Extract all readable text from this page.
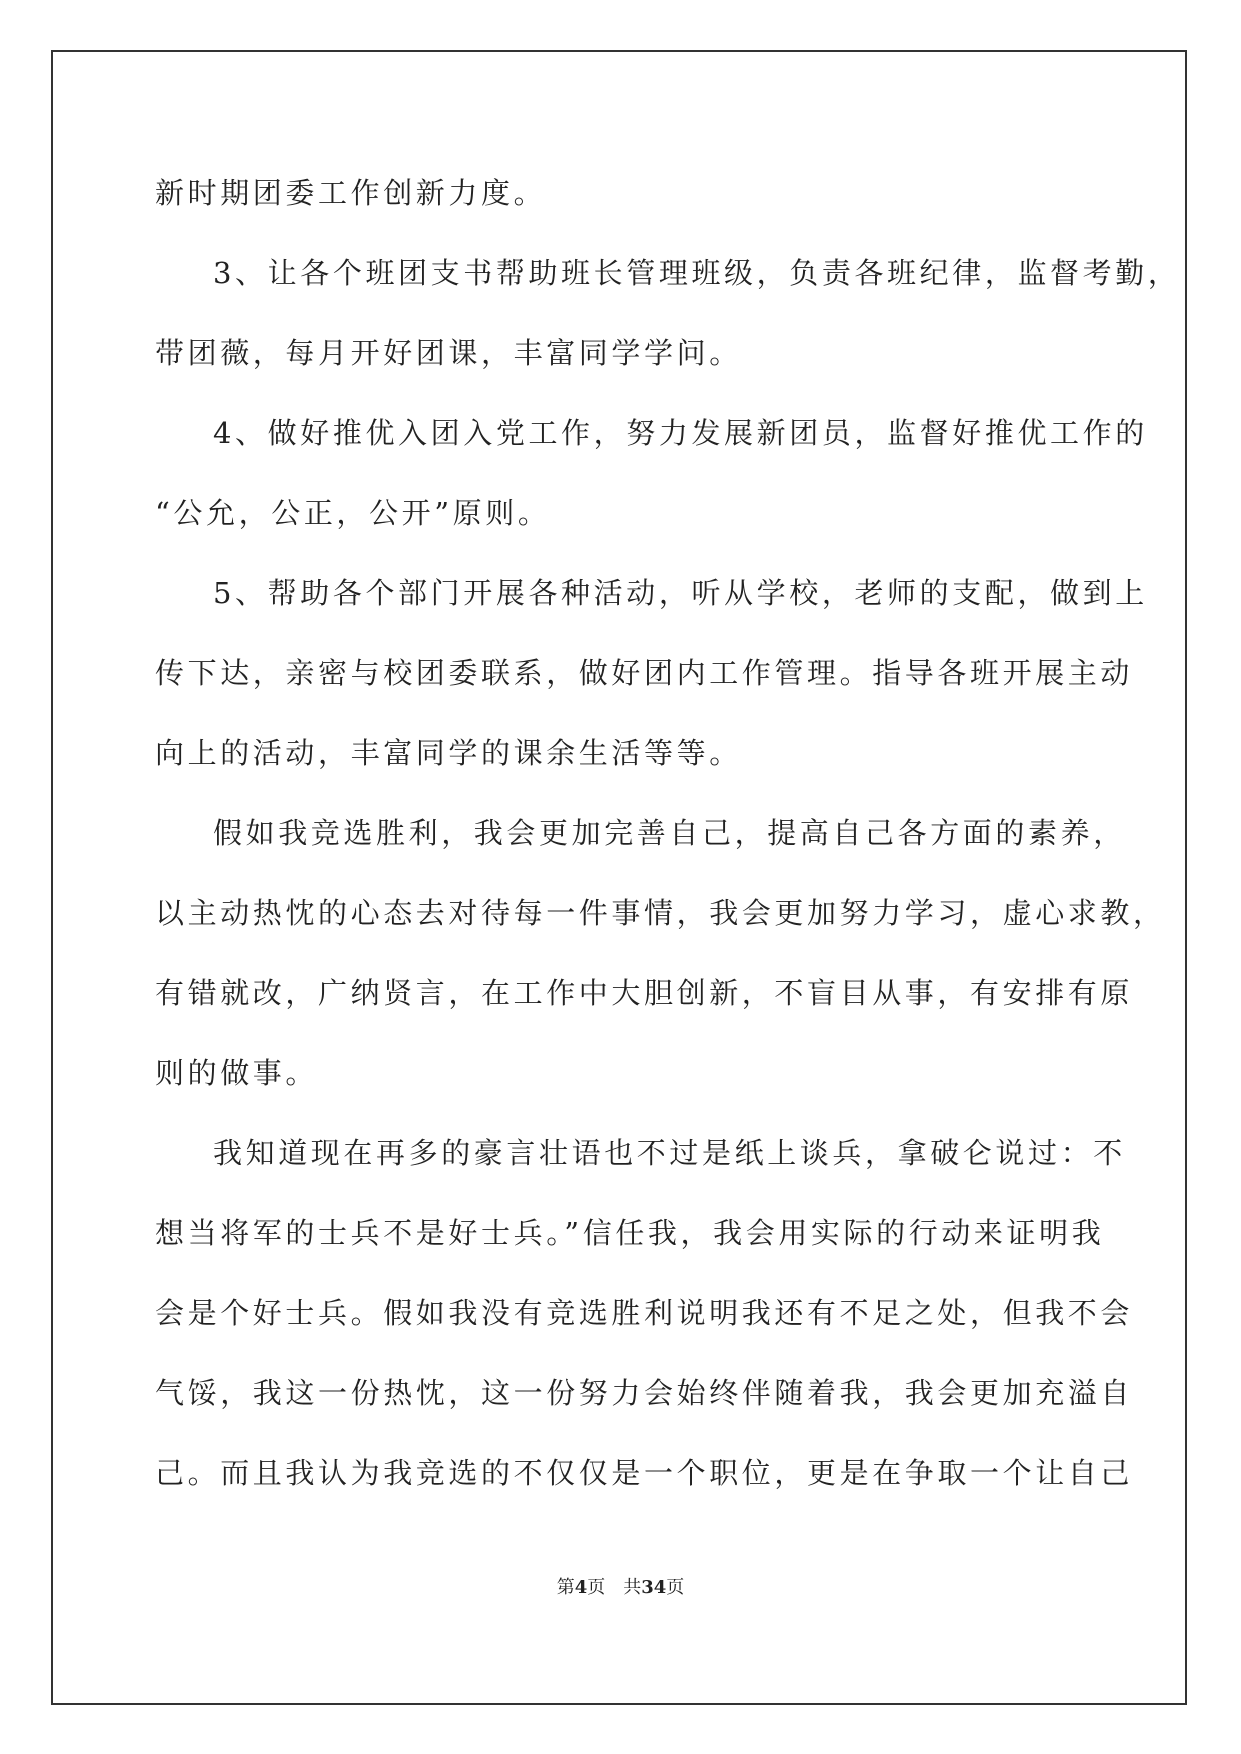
新时期团委工作创新力度。
3、让各个班团支书帮助班长管理班级，负责各班纪律，监督考勤，
带团薇，每月开好团课，丰富同学学问。
4、做好推优入团入党工作，努力发展新团员，监督好推优工作的
“公允，公正，公开”原则。
5、帮助各个部门开展各种活动，听从学校，老师的支配，做到上
传下达，亲密与校团委联系，做好团内工作管理。指导各班开展主动
向上的活动，丰富同学的课余生活等等。
假如我竞选胜利，我会更加完善自己，提高自己各方面的素养，
以主动热忱的心态去对待每一件事情，我会更加努力学习，虚心求教，
有错就改，广纳贤言，在工作中大胆创新，不盲目从事，有安排有原
则的做事。
我知道现在再多的豪言壮语也不过是纸上谈兵，拿破仑说过：不
想当将军的士兵不是好士兵。”信任我，我会用实际的行动来证明我
会是个好士兵。假如我没有竞选胜利说明我还有不足之处，但我不会
气馁，我这一份热忱，这一份努力会始终伴随着我，我会更加充溢自
己。而且我认为我竞选的不仅仅是一个职位，更是在争取一个让自己
第4页 共34页
